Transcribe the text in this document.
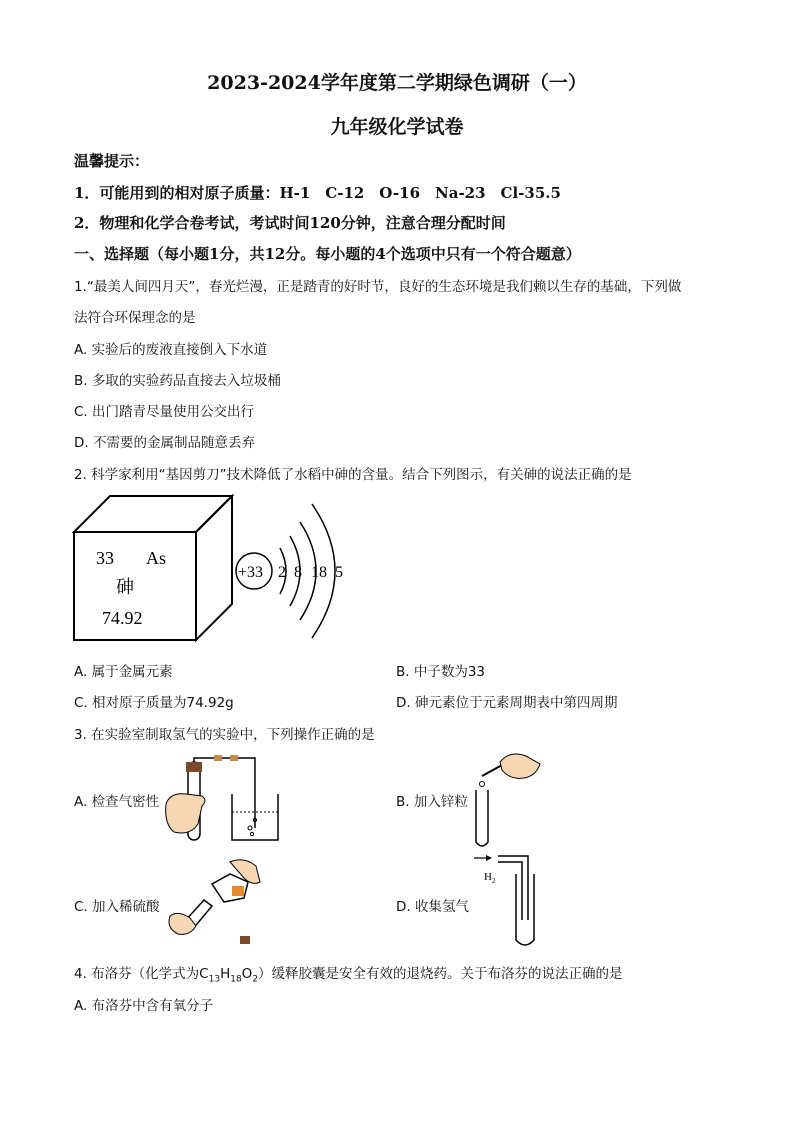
2023-2024学年度第二学期绿色调研（一）
九年级化学试卷
温馨提示：
1．可能用到的相对原子质量：H-1　C-12　O-16　Na-23　Cl-35.5
2．物理和化学合卷考试，考试时间120分钟，注意合理分配时间
一、选择题（每小题1分，共12分。每小题的4个选项中只有一个符合题意）
1.“最美人间四月天”，春光烂漫，正是踏青的好时节，良好的生态环境是我们赖以生存的基础，下列做
法符合环保理念的是
A. 实验后的废液直接倒入下水道
B. 多取的实验药品直接去入垃圾桶
C. 出门踏青尽量使用公交出行
D. 不需要的金属制品随意丢弃
2. 科学家利用“基因剪刀”技术降低了水稻中砷的含量。结合下列图示，有关砷的说法正确的是
33 As
砷
74.92
+33 2 8 18 5
A. 属于金属元素	B. 中子数为33
C. 相对原子质量为74.92g	D. 砷元素位于元素周期表中第四周期
3. 在实验室制取氢气的实验中，下列操作正确的是
A. 检查气密性	B. 加入锌粒
C. 加入稀硫酸	D. 收集氢气
$H_2$
4. 布洛芬（化学式为$C_{13}H_{18}O_2$）缓释胶囊是安全有效的退烧药。关于布洛芬的说法正确的是
A. 布洛芬中含有氧分子
